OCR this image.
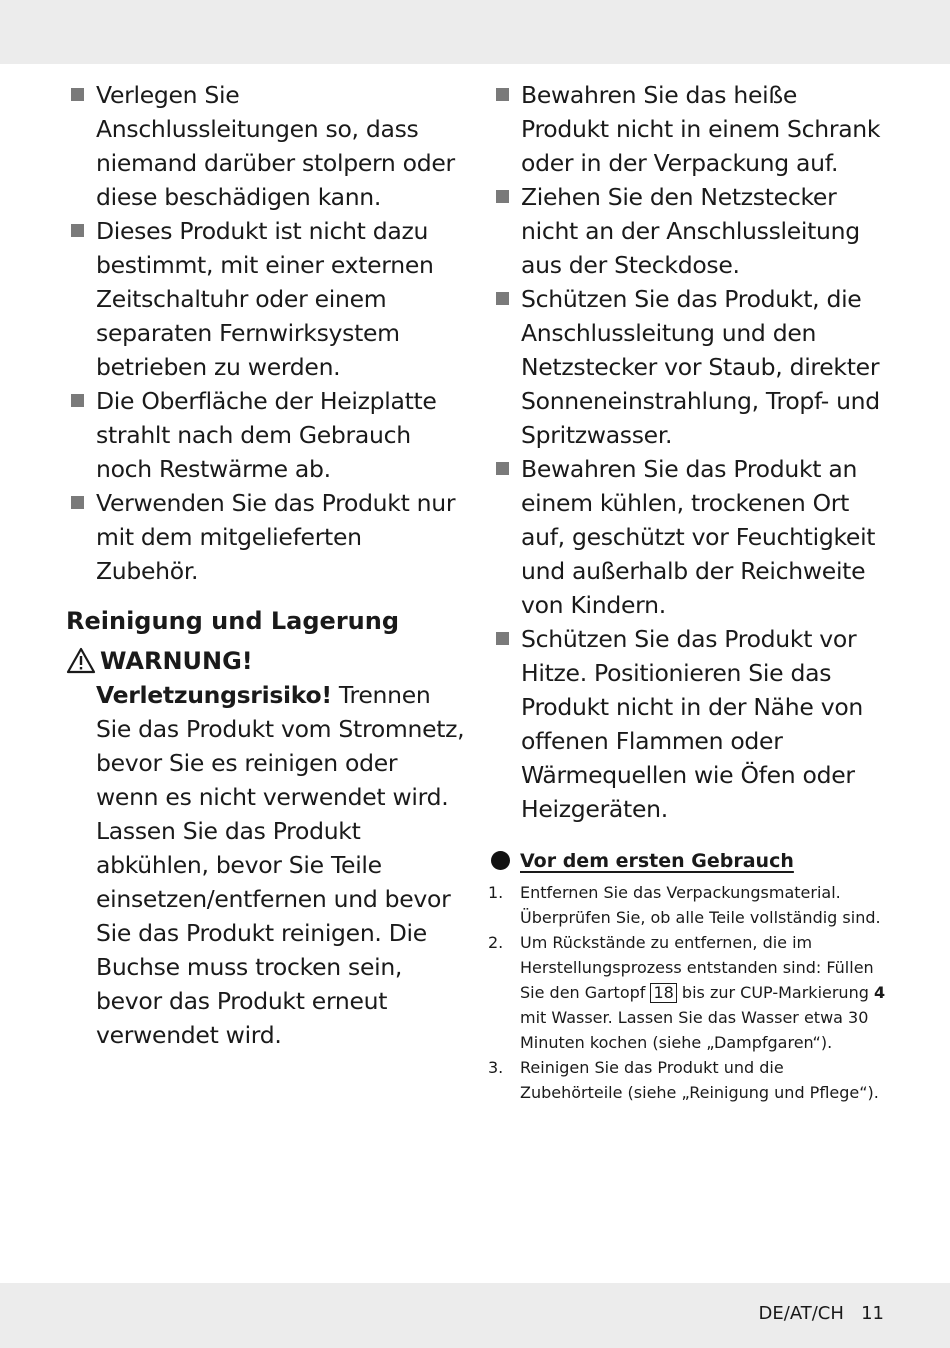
Verlegen Sie Anschlussleitungen so, dass niemand darüber stolpern oder diese beschädigen kann.

Dieses Produkt ist nicht dazu bestimmt, mit einer externen Zeitschaltuhr oder einem separaten Fernwirksystem betrieben zu werden.

Die Oberfläche der Heizplatte strahlt nach dem Gebrauch noch Restwärme ab.

Verwenden Sie das Produkt nur mit dem mitgelieferten Zubehör.

Reinigung und Lagerung
WARNUNG!
Verletzungsrisiko! Trennen Sie das Produkt vom Stromnetz, bevor Sie es reinigen oder wenn es nicht verwendet wird. Lassen Sie das Produkt abkühlen, bevor Sie Teile einsetzen/entfernen und bevor Sie das Produkt reinigen. Die Buchse muss trocken sein, bevor das Produkt erneut verwendet wird.

Bewahren Sie das heiße Produkt nicht in einem Schrank oder in der Verpackung auf.

Ziehen Sie den Netzstecker nicht an der Anschlussleitung aus der Steckdose.

Schützen Sie das Produkt, die Anschlussleitung und den Netzstecker vor Staub, direkter Sonneneinstrahlung, Tropf- und Spritzwasser.

Bewahren Sie das Produkt an einem kühlen, trockenen Ort auf, geschützt vor Feuchtigkeit und außerhalb der Reichweite von Kindern.

Schützen Sie das Produkt vor Hitze. Positionieren Sie das Produkt nicht in der Nähe von offenen Flammen oder Wärmequellen wie Öfen oder Heizgeräten.

Vor dem ersten Gebrauch
1. Entfernen Sie das Verpackungsmaterial. Überprüfen Sie, ob alle Teile vollständig sind.
2. Um Rückstände zu entfernen, die im Herstellungsprozess entstanden sind: Füllen Sie den Gartopf 18 bis zur CUP-Markierung 4 mit Wasser. Lassen Sie das Wasser etwa 30 Minuten kochen (siehe „Dampfgaren“).
3. Reinigen Sie das Produkt und die Zubehörteile (siehe „Reinigung und Pflege“).
DE/AT/CH 11
